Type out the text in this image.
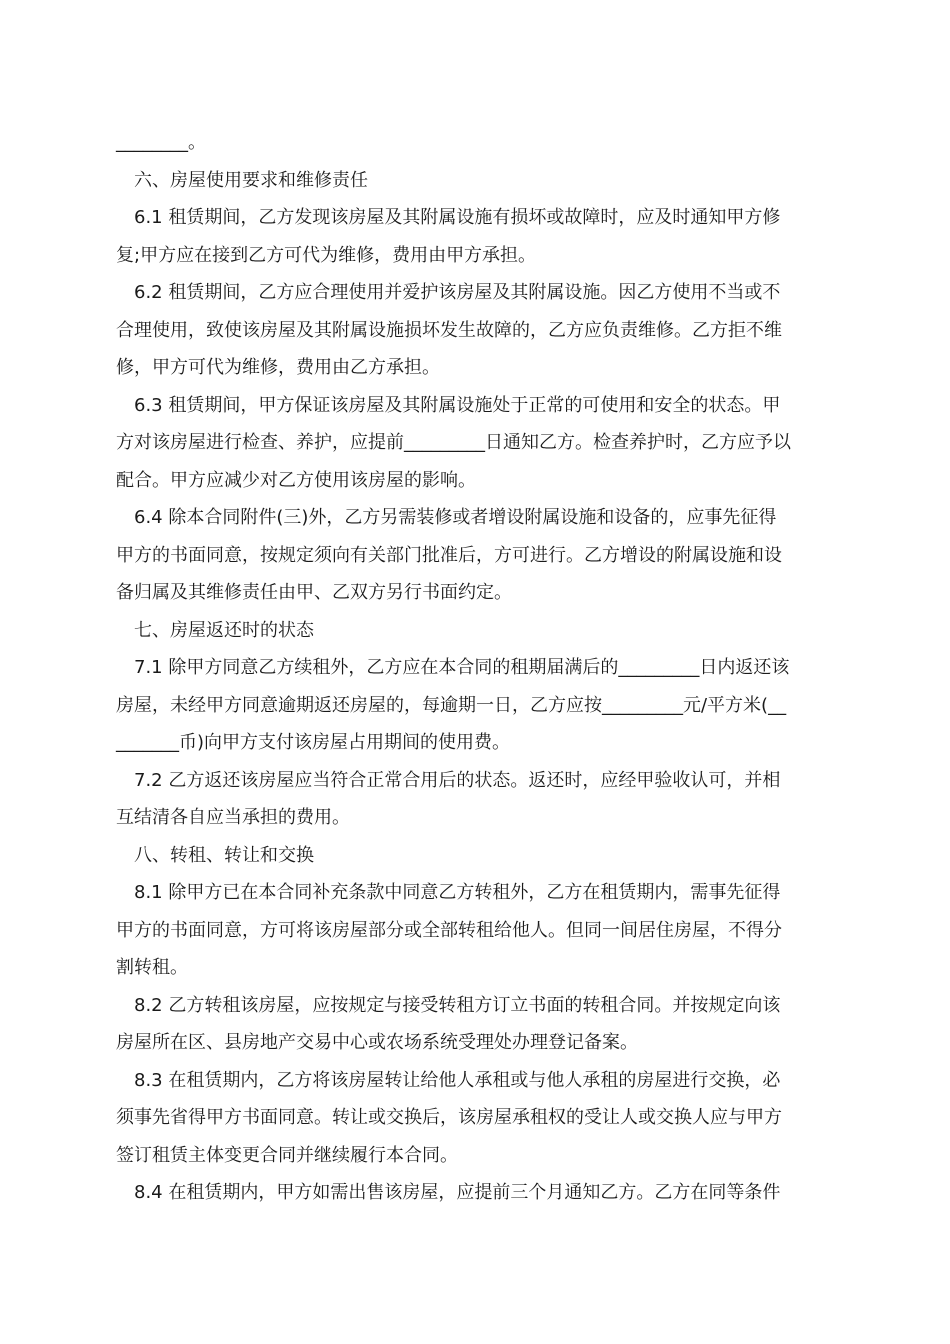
________。

六、房屋使用要求和维修责任

6.1 租赁期间，乙方发现该房屋及其附属设施有损坏或故障时，应及时通知甲方修
复;甲方应在接到乙方可代为维修，费用由甲方承担。

6.2 租赁期间，乙方应合理使用并爱护该房屋及其附属设施。因乙方使用不当或不
合理使用，致使该房屋及其附属设施损坏发生故障的，乙方应负责维修。乙方拒不维
修，甲方可代为维修，费用由乙方承担。

6.3 租赁期间，甲方保证该房屋及其附属设施处于正常的可使用和安全的状态。甲
方对该房屋进行检查、养护，应提前_________日通知乙方。检查养护时，乙方应予以
配合。甲方应减少对乙方使用该房屋的影响。

6.4 除本合同附件(三)外，乙方另需装修或者增设附属设施和设备的，应事先征得
甲方的书面同意，按规定须向有关部门批准后，方可进行。乙方增设的附属设施和设
备归属及其维修责任由甲、乙双方另行书面约定。

七、房屋返还时的状态

7.1 除甲方同意乙方续租外，乙方应在本合同的租期届满后的_________日内返还该
房屋，未经甲方同意逾期返还房屋的，每逾期一日，乙方应按_________元/平方米(__
_______币)向甲方支付该房屋占用期间的使用费。

7.2 乙方返还该房屋应当符合正常合用后的状态。返还时，应经甲验收认可，并相
互结清各自应当承担的费用。

八、转租、转让和交换

8.1 除甲方已在本合同补充条款中同意乙方转租外，乙方在租赁期内，需事先征得
甲方的书面同意，方可将该房屋部分或全部转租给他人。但同一间居住房屋，不得分
割转租。

8.2 乙方转租该房屋，应按规定与接受转租方订立书面的转租合同。并按规定向该
房屋所在区、县房地产交易中心或农场系统受理处办理登记备案。

8.3 在租赁期内，乙方将该房屋转让给他人承租或与他人承租的房屋进行交换，必
须事先省得甲方书面同意。转让或交换后，该房屋承租权的受让人或交换人应与甲方
签订租赁主体变更合同并继续履行本合同。

8.4 在租赁期内，甲方如需出售该房屋，应提前三个月通知乙方。乙方在同等条件
